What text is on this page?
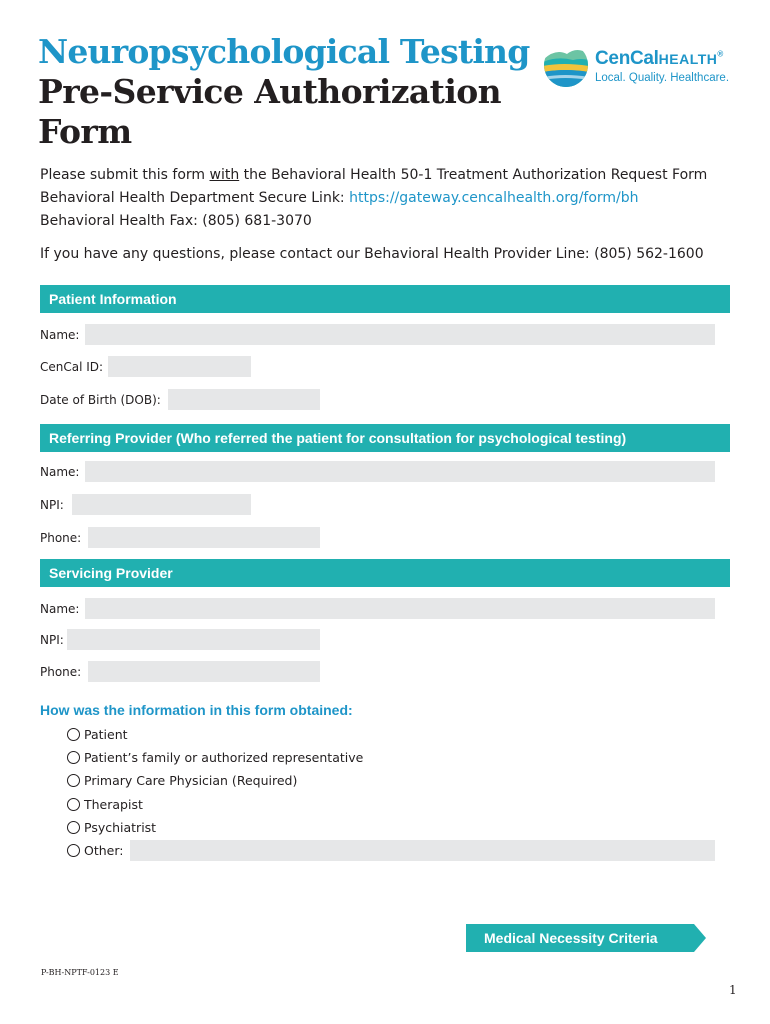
Neuropsychological Testing
Pre-Service Authorization Form
CenCalHEALTH®
Local. Quality. Healthcare.
Please submit this form with the Behavioral Health 50-1 Treatment Authorization Request Form
Behavioral Health Department Secure Link: https://gateway.cencalhealth.org/form/bh
Behavioral Health Fax: (805) 681-3070
If you have any questions, please contact our Behavioral Health Provider Line: (805) 562-1600
Patient Information
Name:
CenCal ID:
Date of Birth (DOB):
Referring Provider (Who referred the patient for consultation for psychological testing)
Name:
NPI:
Phone:
Servicing Provider
Name:
NPI:
Phone:
How was the information in this form obtained:
Patient
Patient’s family or authorized representative
Primary Care Physician (Required)
Therapist
Psychiatrist
Other:
Medical Necessity Criteria
P-BH-NPTF-0123 E
1
